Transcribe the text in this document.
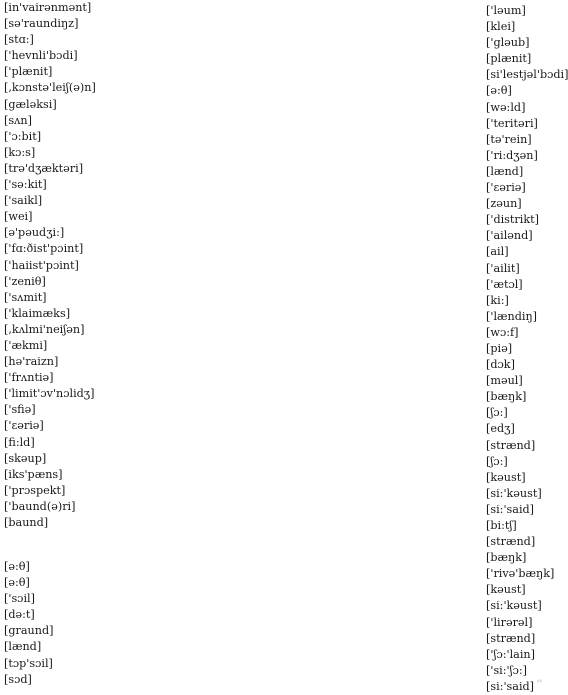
[in'vairənmənt]
[sə'raundiŋz]
[stɑ:]
['hevnli'bɔdi]
['plænit]
[,kɔnstə'leiʃ(ə)n]
[gæləksi]
[sʌn]
['ɔ:bit]
[kɔ:s]
[trə'dʒæktəri]
['sə:kit]
['saikl]
[wei]
[ə'pəudʒi:]
['fɑ:ðist'pɔint]
['haiist'pɔint]
['zeniθ]
['sʌmit]
['klaimæks]
[,kʌlmi'neiʃən]
['ækmi]
[hə'raizn]
['frʌntiə]
['limit'ɔv'nɔlidʒ]
['sfiə]
['εəriə]
[fi:ld]
[skəup]
[iks'pæns]
['prɔspekt]
['baund(ə)ri]
[baund]
[ə:θ]
[ə:θ]
['sɔil]
[də:t]
[graund]
[lænd]
[tɔp'sɔil]
[sɔd]
['ləum]
[klei]
['gləub]
[plænit]
[si'lestjəl'bɔdi]
[ə:θ]
[wə:ld]
['teritəri]
[tə'rein]
['ri:dʒən]
[lænd]
['εəriə]
[zəun]
['distrikt]
['ailənd]
[ail]
['ailit]
['ætɔl]
[ki:]
['lændiŋ]
[wɔ:f]
[piə]
[dɔk]
[məul]
[bæŋk]
[ʃɔ:]
[edʒ]
[strænd]
[ʃɔ:]
[kəust]
[si:'kəust]
[si:'said]
[bi:tʃ]
[strænd]
[bæŋk]
['rivə'bæŋk]
[kəust]
[si:'kəust]
['lirərəl]
[strænd]
['ʃɔ:'lain]
['si:'ʃɔ:]
[si:'said] ⸗⸗
